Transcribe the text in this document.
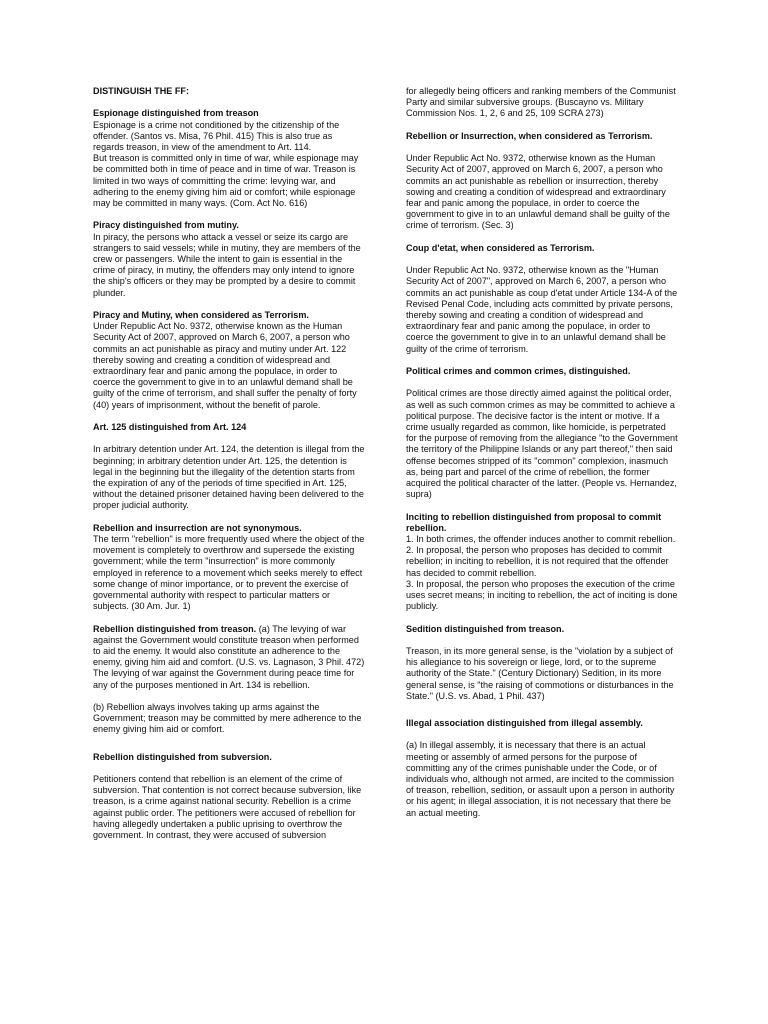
DISTINGUISH THE FF:

Espionage distinguished from treason

Espionage is a crime not conditioned by the citizenship of the offender. (Santos vs. Misa, 76 Phil. 415) This is also true as regards treason, in view of the amendment to Art. 114.
But treason is committed only in time of war, while espionage may be committed both in time of peace and in time of war. Treason is limited in two ways of committing the crime: levying war, and adhering to the enemy giving him aid or comfort; while espionage may be committed in many ways. (Com. Act No. 616)

Piracy distinguished from mutiny.

In piracy, the persons who attack a vessel or seize its cargo are strangers to said vessels; while in mutiny, they are members of the crew or passengers. While the intent to gain is essential in the crime of piracy, in mutiny, the offenders may only intend to ignore the ship's officers or they may be prompted by a desire to commit plunder.

Piracy and Mutiny, when considered as Terrorism.

Under Republic Act No. 9372, otherwise known as the Human Security Act of 2007, approved on March 6, 2007, a person who commits an act punishable as piracy and mutiny under Art. 122 thereby sowing and creating a condition of widespread and extraordinary fear and panic among the populace, in order to coerce the government to give in to an unlawful demand shall be guilty of the crime of terrorism, and shall suffer the penalty of forty (40) years of imprisonment, without the benefit of parole.

Art. 125 distinguished from Art. 124

In arbitrary detention under Art. 124, the detention is illegal from the beginning; in arbitrary detention under Art. 125, the detention is legal in the beginning but the illegality of the detention starts from the expiration of any of the periods of time specified in Art. 125, without the detained prisoner detained having been delivered to the proper judicial authority.

Rebellion and insurrection are not synonymous.

The term "rebellion" is more frequently used where the object of the movement is completely to overthrow and supersede the existing government; while the term "insurrection" is more commonly employed in reference to a movement which seeks merely to effect some change of minor importance, or to prevent the exercise of governmental authority with respect to particular matters or subjects. (30 Am. Jur. 1)

Rebellion distinguished from treason. (a) The levying of war against the Government would constitute treason when performed to aid the enemy. It would also constitute an adherence to the enemy, giving him aid and comfort. (U.S. vs. Lagnason, 3 Phil. 472) The levying of war against the Government during peace time for any of the purposes mentioned in Art. 134 is rebellion.

(b) Rebellion always involves taking up arms against the Government; treason may be committed by mere adherence to the enemy giving him aid or comfort.

Rebellion distinguished from subversion.

Petitioners contend that rebellion is an element of the crime of subversion. That contention is not correct because subversion, like treason, is a crime against national security. Rebellion is a crime against public order. The petitioners were accused of rebellion for having allegedly undertaken a public uprising to overthrow the government. In contrast, they were accused of subversion

for allegedly being officers and ranking members of the Communist Party and similar subversive groups. (Buscayno vs. Military Commission Nos. 1, 2, 6 and 25, 109 SCRA 273)

Rebellion or Insurrection, when considered as Terrorism.

Under Republic Act No. 9372, otherwise known as the Human Security Act of 2007, approved on March 6, 2007, a person who commits an act punishable as rebellion or insurrection, thereby sowing and creating a condition of widespread and extraordinary fear and panic among the populace, in order to coerce the government to give in to an unlawful demand shall be guilty of the crime of terrorism. (Sec. 3)

Coup d'etat, when considered as Terrorism.

Under Republic Act No. 9372, otherwise known as the "Human Security Act of 2007", approved on March 6, 2007, a person who commits an act punishable as coup d'etat under Article 134-A of the Revised Penal Code, including acts committed by private persons, thereby sowing and creating a condition of widespread and extraordinary fear and panic among the populace, in order to coerce the government to give in to an unlawful demand shall be guilty of the crime of terrorism.

Political crimes and common crimes, distinguished.

Political crimes are those directly aimed against the political order, as well as such common crimes as may be committed to achieve a political purpose. The decisive factor is the intent or motive. If a crime usually regarded as common, like homicide, is perpetrated for the purpose of removing from the allegiance "to the Government the territory of the Philippine Islands or any part thereof," then said offense becomes stripped of its "common" complexion, inasmuch as, being part and parcel of the crime of rebellion, the former acquired the political character of the latter. (People vs. Hernandez, supra)

Inciting to rebellion distinguished from proposal to commit rebellion.

1. In both crimes, the offender induces another to commit rebellion.
2. In proposal, the person who proposes has decided to commit rebellion; in inciting to rebellion, it is not required that the offender has decided to commit rebellion.
3. In proposal, the person who proposes the execution of the crime uses secret means; in inciting to rebellion, the act of inciting is done publicly.

Sedition distinguished from treason.

Treason, in its more general sense, is the "violation by a subject of his allegiance to his sovereign or liege, lord, or to the supreme authority of the State." (Century Dictionary) Sedition, in its more general sense, is "the raising of commotions or disturbances in the State." (U.S. vs. Abad, 1 Phil. 437)

Illegal association distinguished from illegal assembly.

(a) In illegal assembly, it is necessary that there is an actual meeting or assembly of armed persons for the purpose of committing any of the crimes punishable under the Code, or of individuals who, although not armed, are incited to the commission of treason, rebellion, sedition, or assault upon a person in authority or his agent; in illegal association, it is not necessary that there be an actual meeting.
